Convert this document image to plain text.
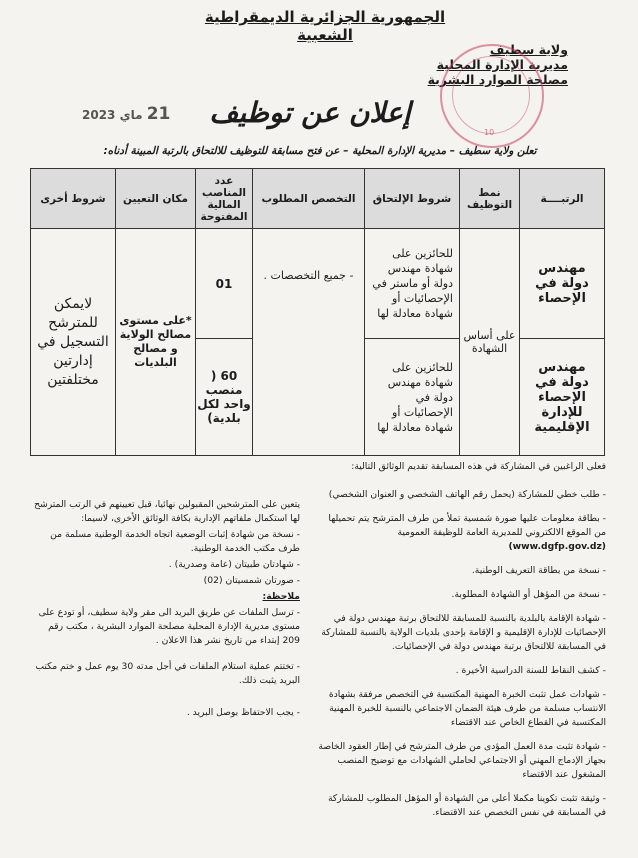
الجمهورية الجزائرية الديمقراطية الشعبية
ولاية سطيف
مديرية الإدارة المحلية
مصلحة الموارد البشرية
10
21 ماي 2023	إعلان عن توظيف
تعلن ولاية سطيف – مديرية الإدارة المحلية – عن فتح مسابقة للتوظيف للالتحاق بالرتبة المبينة أدناه:
الرتبــــة	نمط التوظيف	شروط الإلتحاق	التخصص المطلوب	عدد المناصب المالية المفتوحة	مكان التعيين	شروط أخرى
مهندس دولة في الإحصاء	على أساس الشهادة	للحائزين على شهادة مهندس دولة أو ماستر في الإحصائيات أو شهادة معادلة لها	- جميع التخصصات .	01	*على مستوى مصالح الولاية و مصالح البلديات	لايمكن للمترشح التسجيل في إدارتين مختلفتين
مهندس دولة في الإحصاء للإدارة الإقليمية		للحائزين على شهادة مهندس دولة في الإحصائيات أو شهادة معادلة لها		60 ( منصب واحد لكل بلدية)		

فعلى الراغبين في المشاركة في هذه المسابقة تقديم الوثائق التالية:

- طلب خطي للمشاركة (يحمل رقم الهاتف الشخصي و العنوان الشخصي)

- بطاقة معلومات عليها صورة شمسية تملأ من طرف المترشح يتم تحميلها من الموقع الالكتروني للمديرية العامة للوظيفة العمومية (www.dgfp.gov.dz)

- نسخة من بطاقة التعريف الوطنية.

- نسخة من المؤهل أو الشهادة المطلوبة.

- شهادة الإقامة بالبلدية بالنسبة للمسابقة للالتحاق برتبة مهندس دولة في الإحصائيات للإدارة الإقليمية و الإقامة بإحدى بلديات الولاية بالنسبة للمشاركة في المسابقة للالتحاق برتبة مهندس دولة في الإحصائيات.

- كشف النقاط للسنة الدراسية الأخيرة .

- شهادات عمل تثبت الخبرة المهنية المكتسبة في التخصص مرفقة بشهادة الانتساب مسلمة من طرف هيئة الضمان الاجتماعي بالنسبة للخبرة المهنية المكتسبة في القطاع الخاص عند الاقتضاء

- شهادة تثبت مدة العمل المؤدى من طرف المترشح في إطار العقود الخاصة بجهاز الإدماج المهني أو الاجتماعي لحاملي الشهادات مع توضيح المنصب المشغول عند الاقتضاء

- وثيقة تثبت تكوينا مكملا أعلى من الشهادة أو المؤهل المطلوب للمشاركة في المسابقة في نفس التخصص عند الاقتضاء.

يتعين على المترشحين المقبولين نهائيا، قبل تعيينهم في الرتب المترشح لها استكمال ملفاتهم الإدارية بكافة الوثائق الأخرى، لاسيما:

- نسخة من شهادة إثبات الوضعية اتجاه الخدمة الوطنية مسلمة من طرف مكتب الخدمة الوطنية.

- شهادتان طبيتان (عامة وصدرية) .

- صورتان شمسيتان (02)

ملاحظة:

- ترسل الملفات عن طريق البريد الى مقر ولاية سطيف، أو تودع على مستوى مديرية الإدارة المحلية مصلحة الموارد البشرية ، مكتب رقم 209 إبتداء من تاريخ نشر هذا الاعلان .

- تختتم عملية استلام الملفات في أجل مدته 30 يوم عمل و ختم مكتب البريد يثبت ذلك.

- يجب الاحتفاظ بوصل البريد .
